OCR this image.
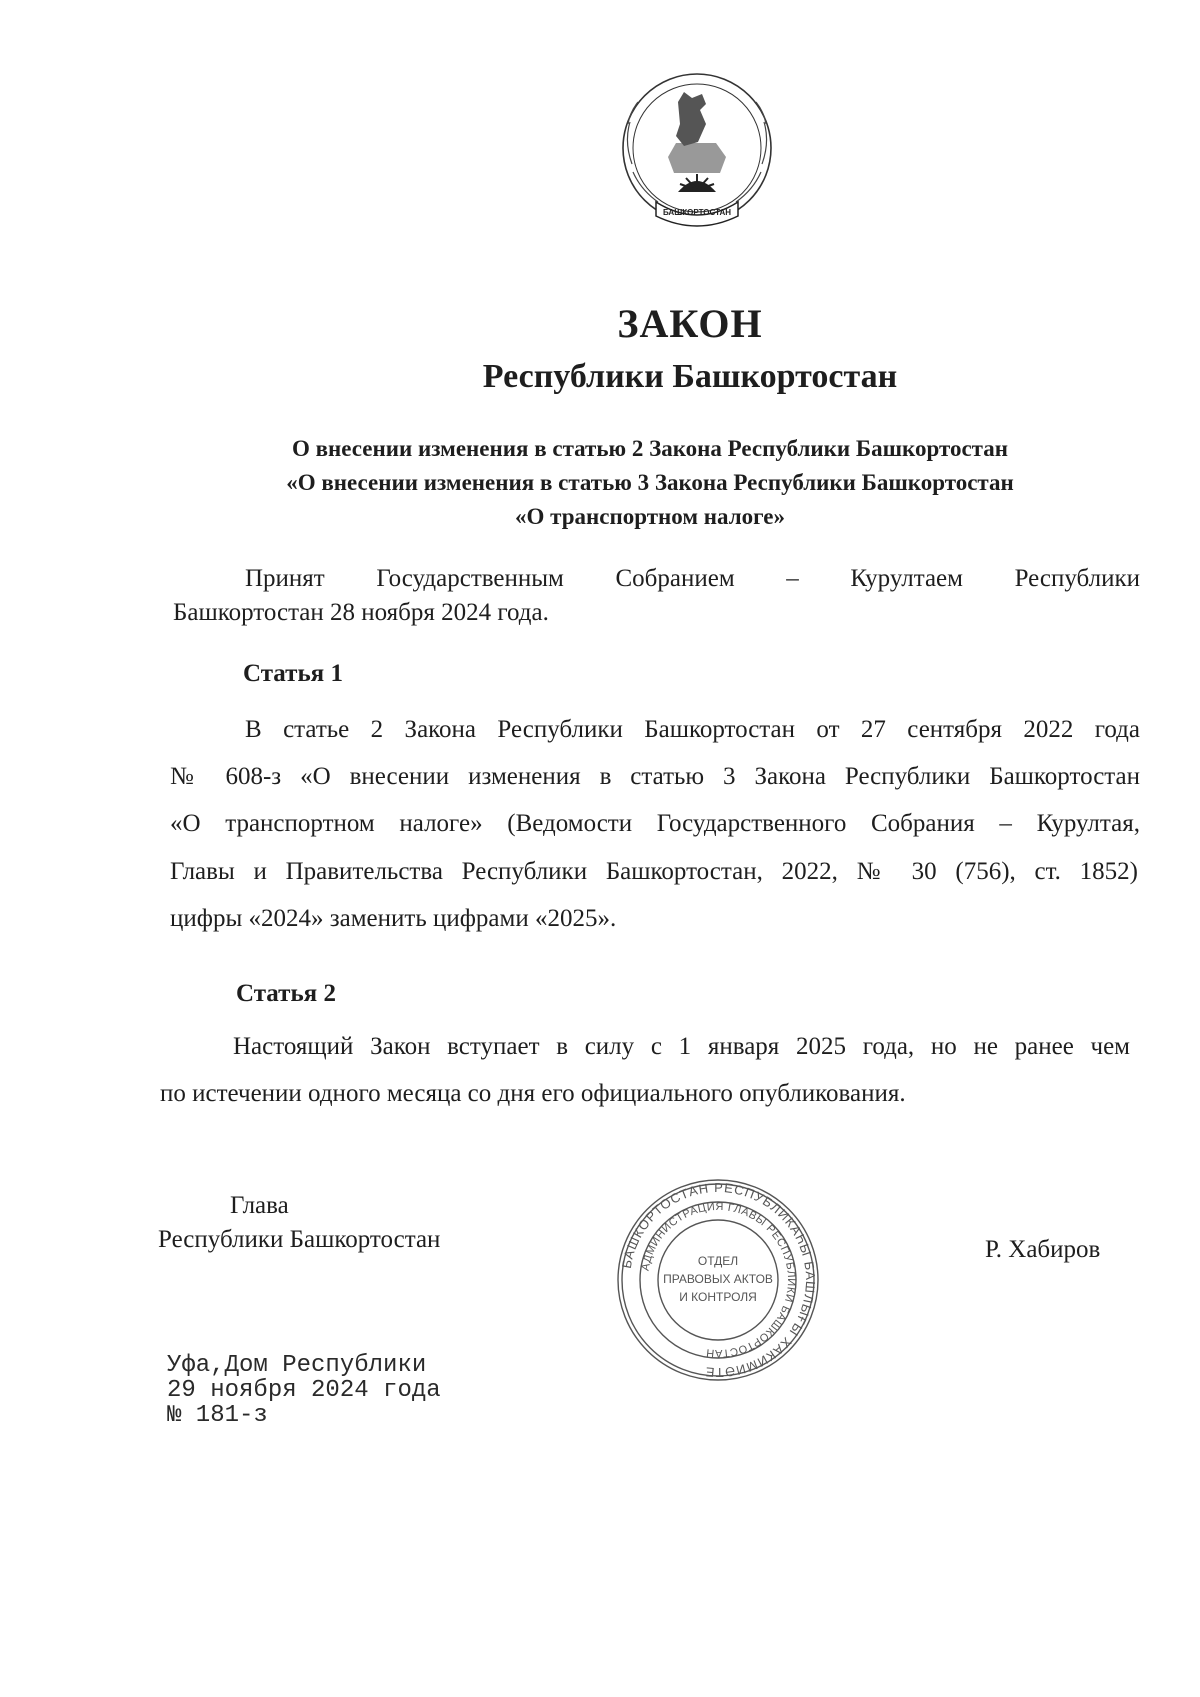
БАШКОРТОСТАН
ЗАКОН
Республики Башкортостан
О внесении изменения в статью 2 Закона Республики Башкортостан
«О внесении изменения в статью 3 Закона Республики Башкортостан
«О транспортном налоге»
Принят Государственным Собранием – Курултаем Республики
Башкортостан 28 ноября 2024 года.
Статья 1
В статье 2 Закона Республики Башкортостан от 27 сентября 2022 года
№ 608-з «О внесении изменения в статью 3 Закона Республики Башкортостан
«О транспортном налоге» (Ведомости Государственного Собрания – Курултая,
Главы и Правительства Республики Башкортостан, 2022, № 30 (756), ст. 1852)
цифры «2024» заменить цифрами «2025».
Статья 2
Настоящий Закон вступает в силу с 1 января 2025 года, но не ранее чем
по истечении одного месяца со дня его официального опубликования.
Глава
Республики Башкортостан	Р. Хабиров
БАШКОРТОСТАН РЕСПУБЛИКАҺЫ БАШЛЫҒЫ ХАКИМИӘТЕ
АДМИНИСТРАЦИЯ ГЛАВЫ РЕСПУБЛИКИ БАШКОРТОСТАН
ОТДЕЛ
ПРАВОВЫХ АКТОВ
И КОНТРОЛЯ
Уфа,Дом Республики
29 ноября 2024 года
№ 181-з
